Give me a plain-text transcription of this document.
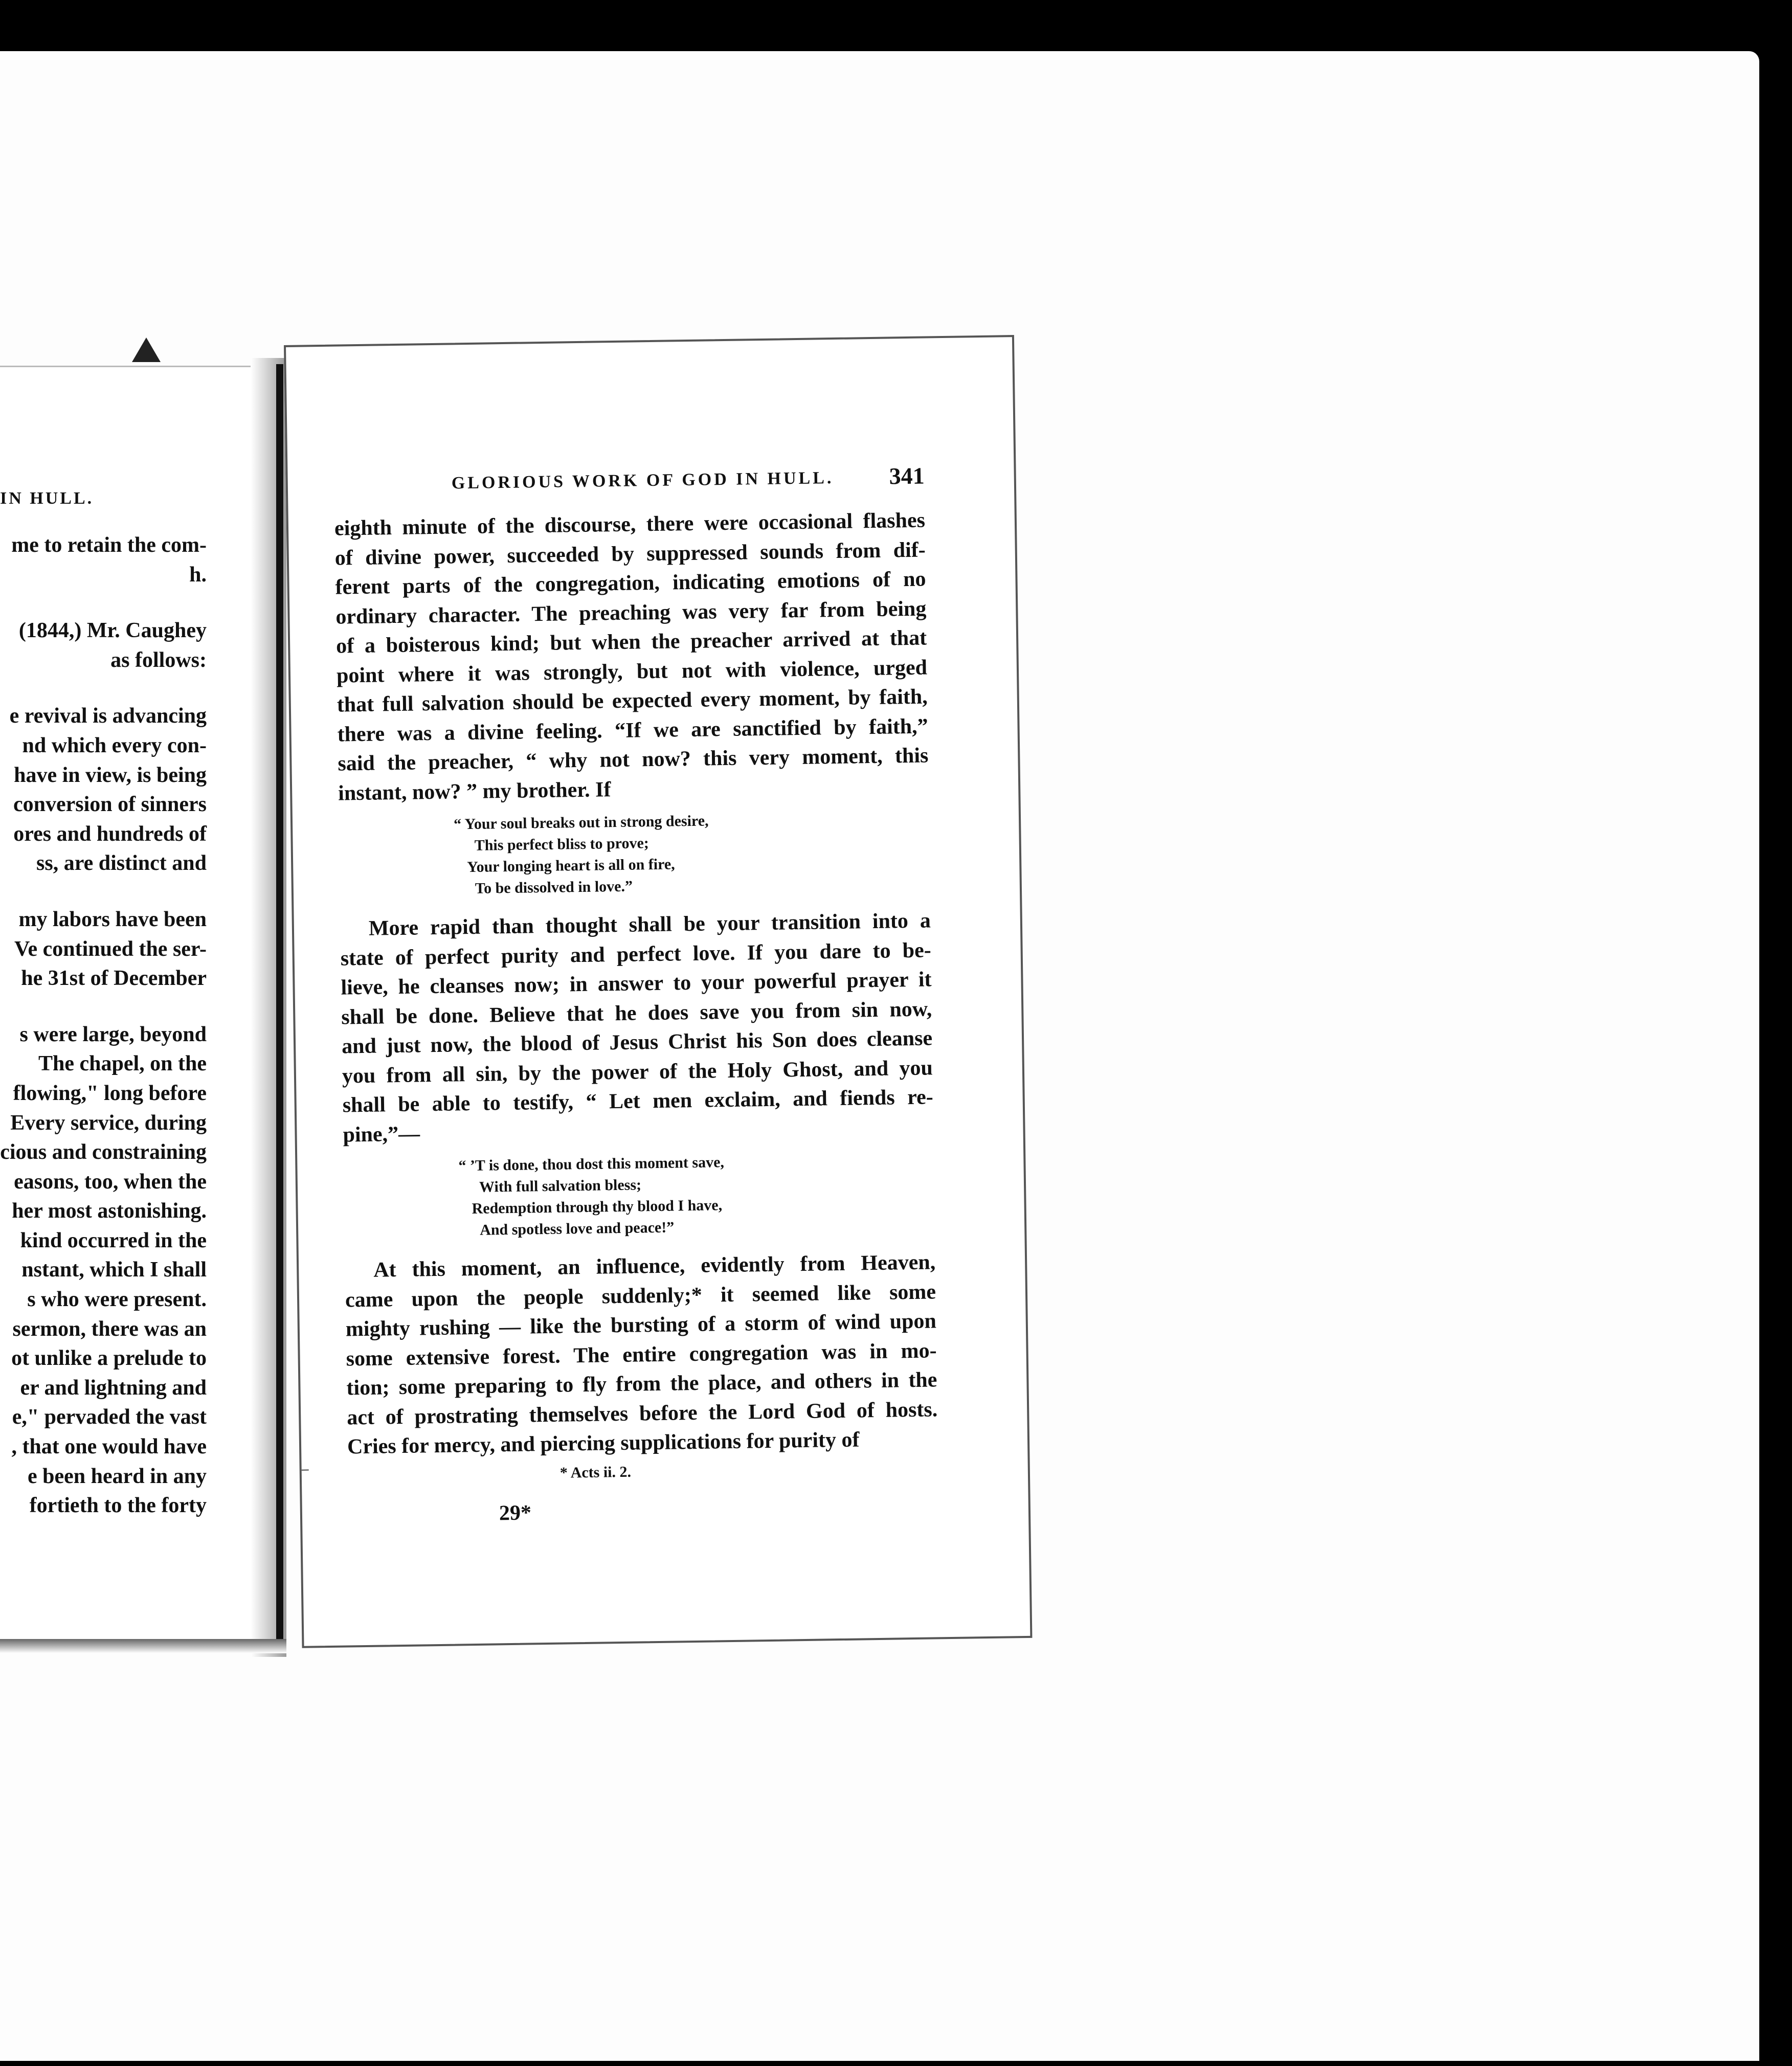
IN HULL.
me to retain the com-
h.
(1844,) Mr. Caughey
as follows:
e revival is advancing
nd which every con-
have in view, is being
conversion of sinners
ores and hundreds of
ss, are distinct and
my labors have been
Ve continued the ser-
he 31st of December
s were large, beyond
The chapel, on the
flowing," long before
Every service, during
cious and constraining
easons, too, when the
her most astonishing.
kind occurred in the
nstant, which I shall
s who were present.
sermon, there was an
ot unlike a prelude to
er and lightning and
e," pervaded the vast
, that one would have
e been heard in any
fortieth to the forty
GLORIOUS WORK OF GOD IN HULL. 341
eighth minute of the discourse, there were occasional flashes
of divine power, succeeded by suppressed sounds from dif-
ferent parts of the congregation, indicating emotions of no
ordinary character. The preaching was very far from being
of a boisterous kind; but when the preacher arrived at that
point where it was strongly, but not with violence, urged
that full salvation should be expected every moment, by faith,
there was a divine feeling. “If we are sanctified by faith,”
said the preacher, “ why not now? this very moment, this
instant, now? ” my brother. If
“ Your soul breaks out in strong desire,
This perfect bliss to prove;
Your longing heart is all on fire,
To be dissolved in love.”
More rapid than thought shall be your transition into a
state of perfect purity and perfect love. If you dare to be-
lieve, he cleanses now; in answer to your powerful prayer it
shall be done. Believe that he does save you from sin now,
and just now, the blood of Jesus Christ his Son does cleanse
you from all sin, by the power of the Holy Ghost, and you
shall be able to testify, “ Let men exclaim, and fiends re-
pine,”—
“ ’T is done, thou dost this moment save,
With full salvation bless;
Redemption through thy blood I have,
And spotless love and peace!”
At this moment, an influence, evidently from Heaven,
came upon the people suddenly;* it seemed like some
mighty rushing — like the bursting of a storm of wind upon
some extensive forest. The entire congregation was in mo-
tion; some preparing to fly from the place, and others in the
act of prostrating themselves before the Lord God of hosts.
Cries for mercy, and piercing supplications for purity of
* Acts ii. 2.
29*
